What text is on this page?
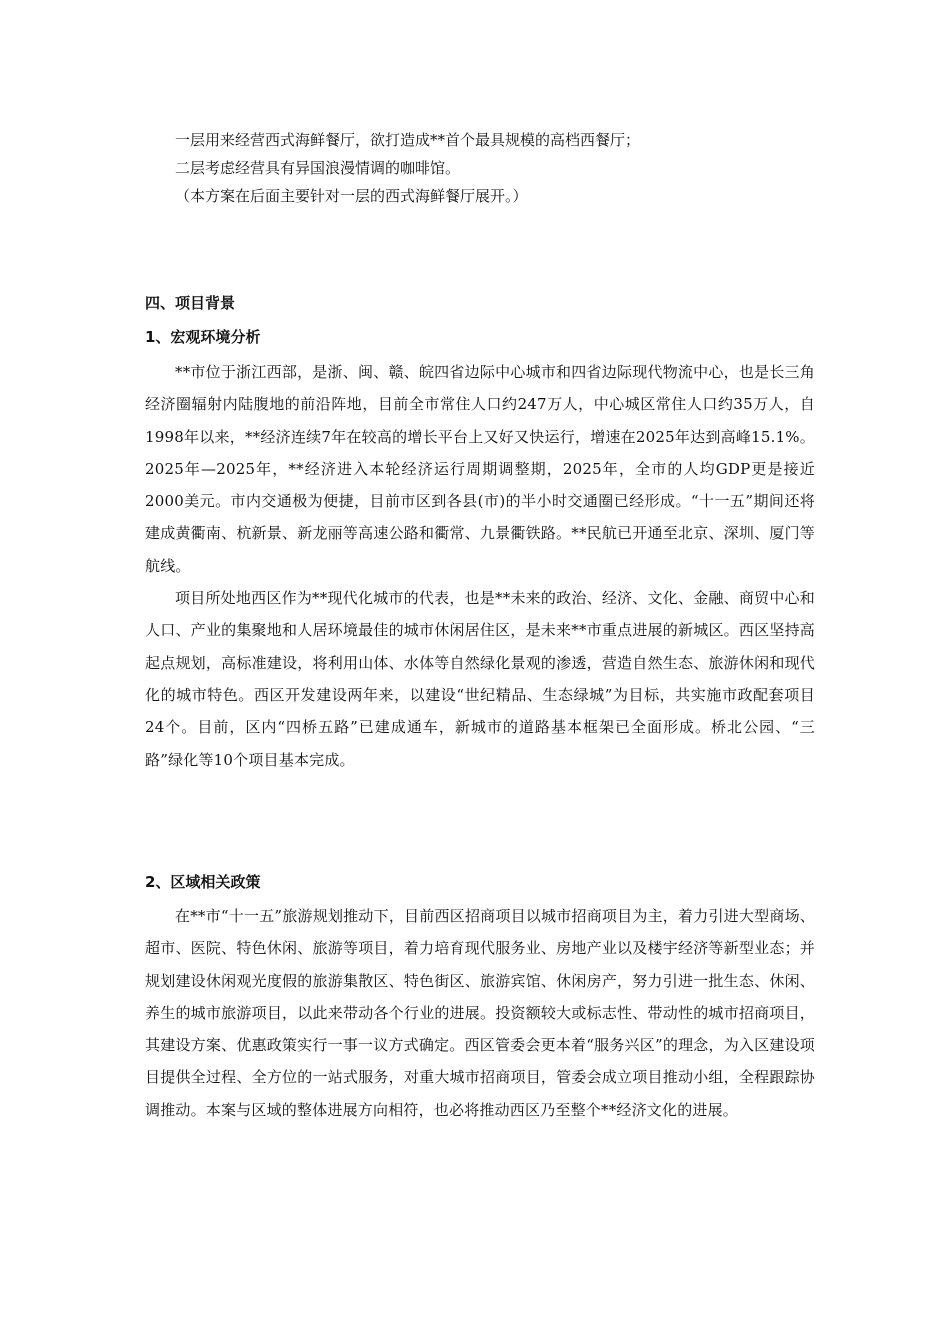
一层用来经营西式海鲜餐厅，欲打造成**首个最具规模的高档西餐厅；

二层考虑经营具有异国浪漫情调的咖啡馆。

（本方案在后面主要针对一层的西式海鲜餐厅展开。）

四、项目背景
1、宏观环境分析

**市位于浙江西部，是浙、闽、赣、皖四省边际中心城市和四省边际现代物流中心，也是长三角经济圈辐射内陆腹地的前沿阵地，目前全市常住人口约247万人，中心城区常住人口约35万人，自1998年以来，**经济连续7年在较高的增长平台上又好又快运行，增速在2025年达到高峰15.1%。2025年—2025年，**经济进入本轮经济运行周期调整期，2025年，全市的人均GDP更是接近2000美元。市内交通极为便捷，目前市区到各县(市)的半小时交通圈已经形成。“十一五”期间还将建成黄衢南、杭新景、新龙丽等高速公路和衢常、九景衢铁路。**民航已开通至北京、深圳、厦门等航线。

项目所处地西区作为**现代化城市的代表，也是**未来的政治、经济、文化、金融、商贸中心和人口、产业的集聚地和人居环境最佳的城市休闲居住区，是未来**市重点进展的新城区。西区坚持高起点规划，高标准建设，将利用山体、水体等自然绿化景观的渗透，营造自然生态、旅游休闲和现代化的城市特色。西区开发建设两年来，以建设“世纪精品、生态绿城”为目标，共实施市政配套项目24个。目前，区内“四桥五路”已建成通车，新城市的道路基本框架已全面形成。桥北公园、“三路”绿化等10个项目基本完成。

2、区域相关政策

在**市“十一五”旅游规划推动下，目前西区招商项目以城市招商项目为主，着力引进大型商场、超市、医院、特色休闲、旅游等项目，着力培育现代服务业、房地产业以及楼宇经济等新型业态；并规划建设休闲观光度假的旅游集散区、特色街区、旅游宾馆、休闲房产，努力引进一批生态、休闲、养生的城市旅游项目，以此来带动各个行业的进展。投资额较大或标志性、带动性的城市招商项目，其建设方案、优惠政策实行一事一议方式确定。西区管委会更本着“服务兴区”的理念，为入区建设项目提供全过程、全方位的一站式服务，对重大城市招商项目，管委会成立项目推动小组，全程跟踪协调推动。本案与区域的整体进展方向相符，也必将推动西区乃至整个**经济文化的进展。
